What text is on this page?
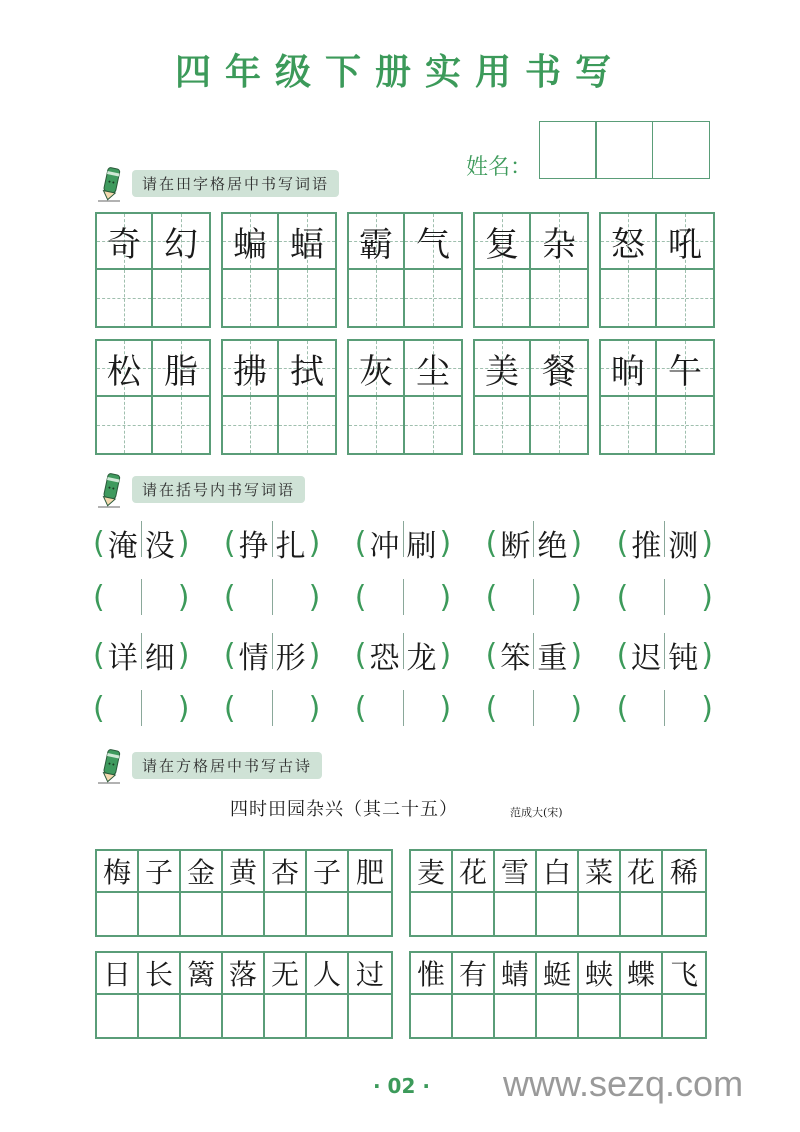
四年级下册实用书写
姓名：
请在田字格居中书写词语
奇 幻	蝙 蝠	霸 气	复 杂	怒 吼
松 脂	拂 拭	灰 尘	美 餐	晌 午
请在括号内书写词语
( 淹 没 ) ( 挣 扎 ) ( 冲 刷 ) ( 断 绝 ) ( 推 测 )
( ) ( ) ( ) ( ) ( )
( 详 细 ) ( 情 形 ) ( 恐 龙 ) ( 笨 重 ) ( 迟 钝 )
( ) ( ) ( ) ( ) ( )
请在方格居中书写古诗
四时田园杂兴（其二十五）	范成大(宋)
梅 子 金 黄 杏 子 肥 麦 花 雪 白 菜 花 稀
日 长 篱 落 无 人 过 惟 有 蜻 蜓 蛱 蝶 飞
· 02 · www.sezq.com
